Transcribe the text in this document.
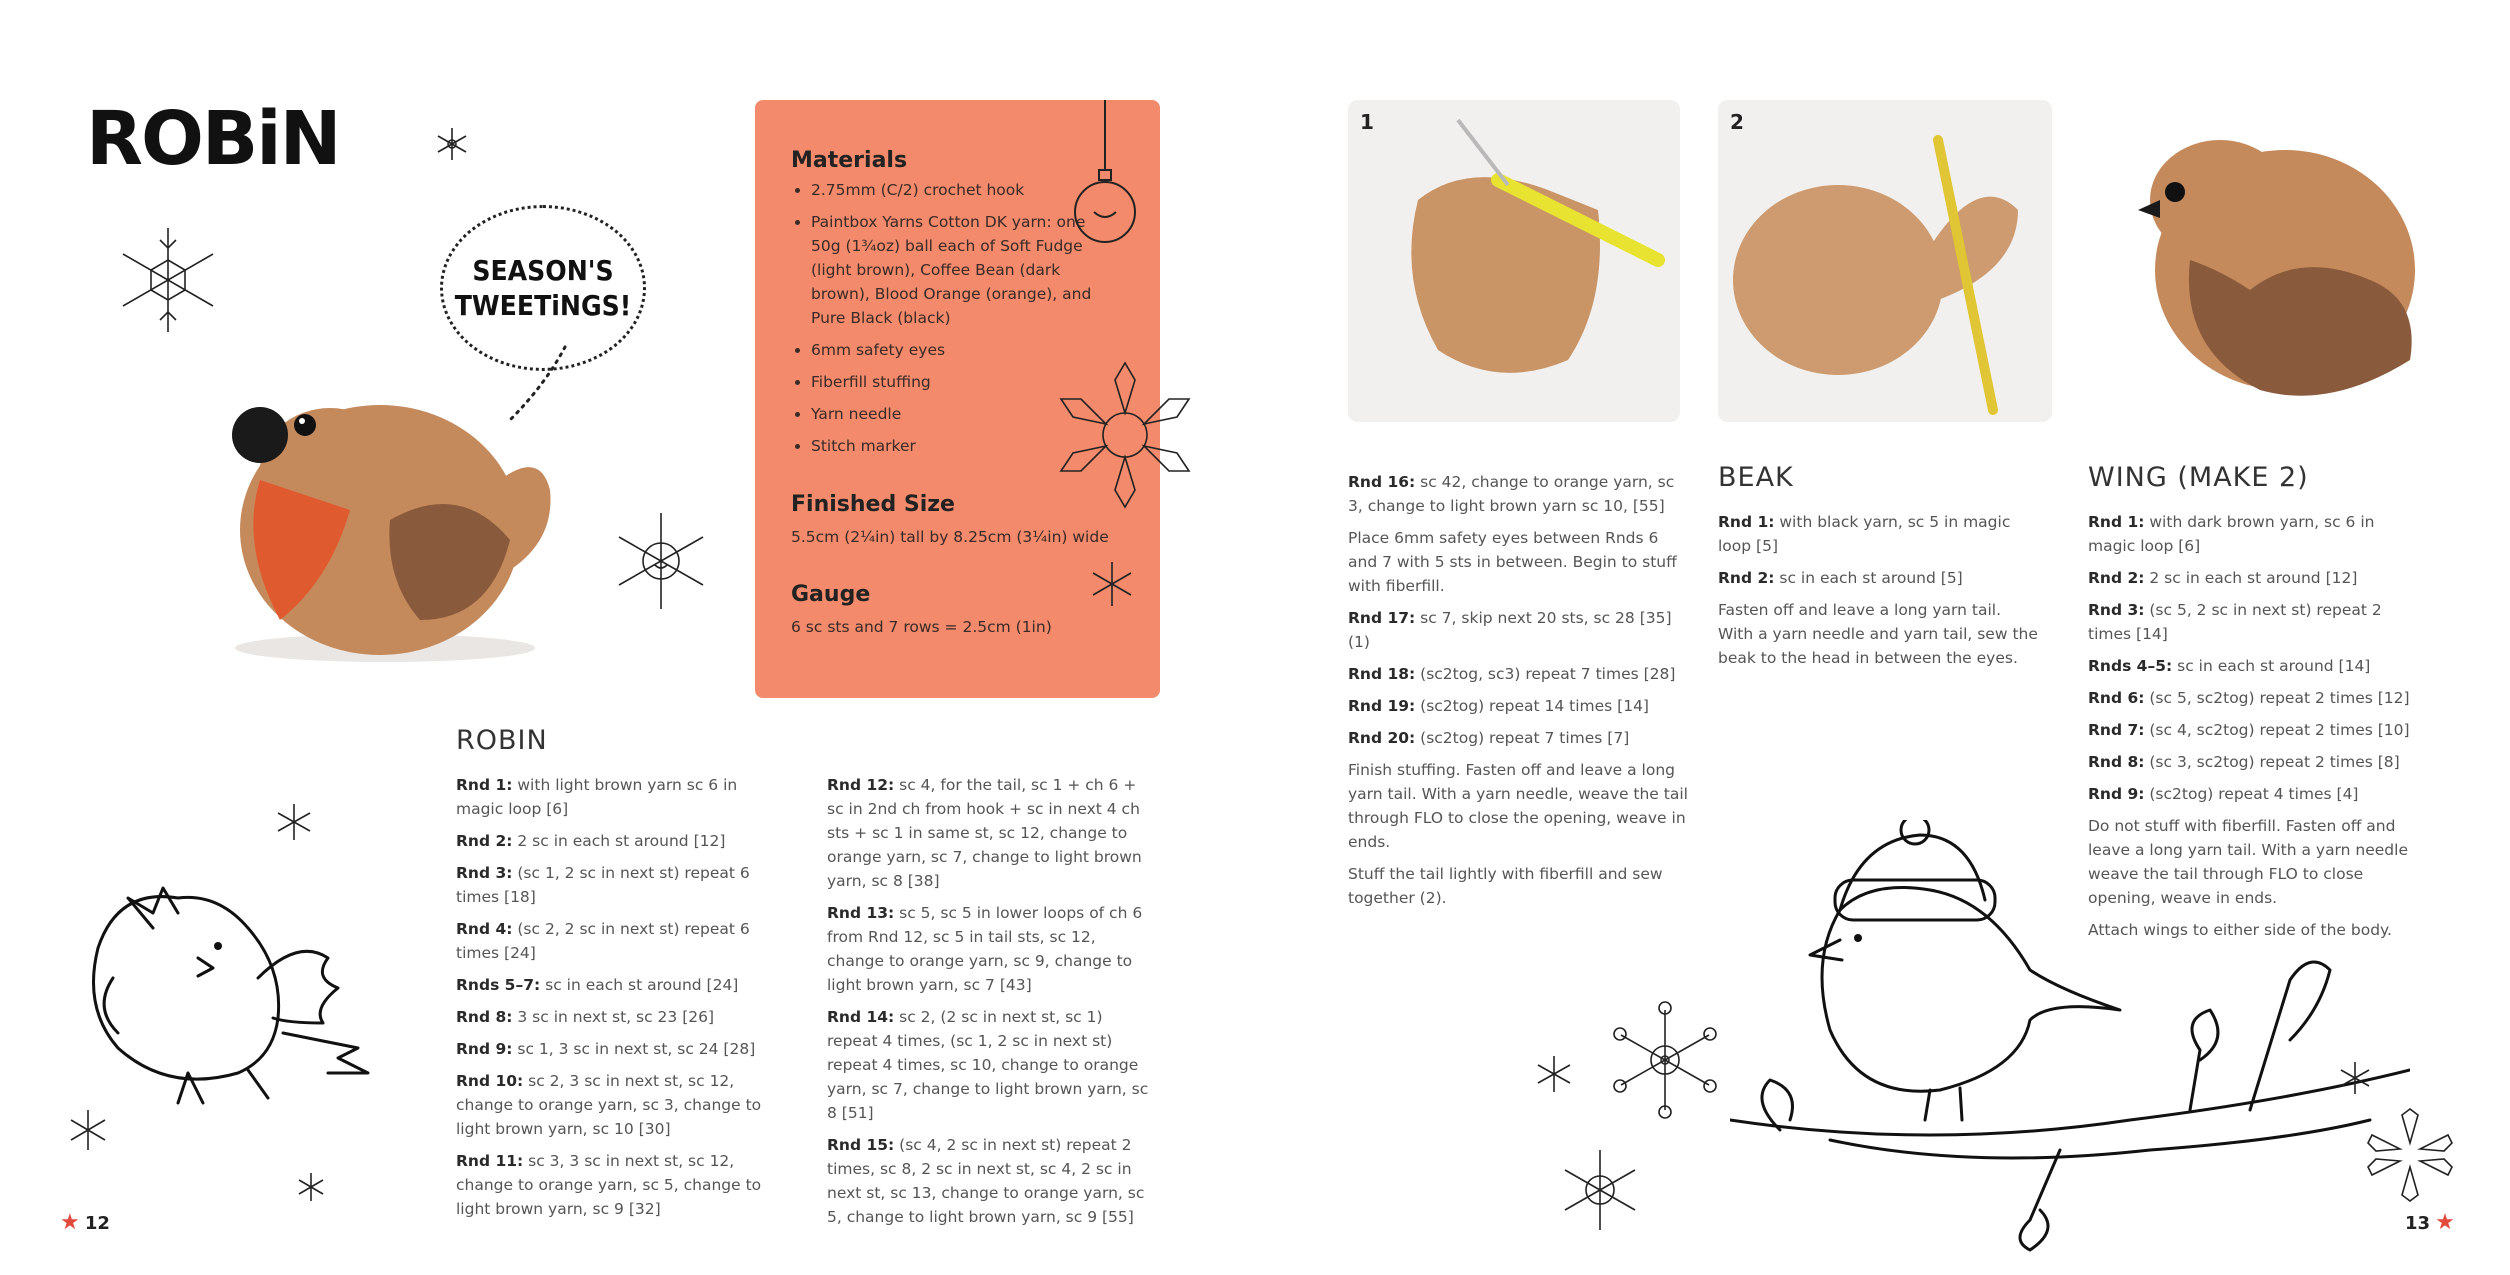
ROBiN
SEASON'S
TWEETiNGS!
Materials
• 2.75mm (C/2) crochet hook
• Paintbox Yarns Cotton DK yarn: one 50g (1¾oz) ball each of Soft Fudge (light brown), Coffee Bean (dark brown), Blood Orange (orange), and Pure Black (black)
• 6mm safety eyes
• Fiberfill stuffing
• Yarn needle
• Stitch marker
Finished Size
5.5cm (2¼in) tall by 8.25cm (3¼in) wide
Gauge
6 sc sts and 7 rows = 2.5cm (1in)
ROBIN

Rnd 1: with light brown yarn sc 6 in magic loop [6]

Rnd 2: 2 sc in each st around [12]

Rnd 3: (sc 1, 2 sc in next st) repeat 6 times [18]

Rnd 4: (sc 2, 2 sc in next st) repeat 6 times [24]

Rnds 5–7: sc in each st around [24]

Rnd 8: 3 sc in next st, sc 23 [26]

Rnd 9: sc 1, 3 sc in next st, sc 24 [28]

Rnd 10: sc 2, 3 sc in next st, sc 12, change to orange yarn, sc 3, change to light brown yarn, sc 10 [30]

Rnd 11: sc 3, 3 sc in next st, sc 12, change to orange yarn, sc 5, change to light brown yarn, sc 9 [32]

Rnd 12: sc 4, for the tail, sc 1 + ch 6 + sc in 2nd ch from hook + sc in next 4 ch sts + sc 1 in same st, sc 12, change to orange yarn, sc 7, change to light brown yarn, sc 8 [38]

Rnd 13: sc 5, sc 5 in lower loops of ch 6 from Rnd 12, sc 5 in tail sts, sc 12, change to orange yarn, sc 9, change to light brown yarn, sc 7 [43]

Rnd 14: sc 2, (2 sc in next st, sc 1) repeat 4 times, (sc 1, 2 sc in next st) repeat 4 times, sc 10, change to orange yarn, sc 7, change to light brown yarn, sc 8 [51]

Rnd 15: (sc 4, 2 sc in next st) repeat 2 times, sc 8, 2 sc in next st, sc 4, 2 sc in next st, sc 13, change to orange yarn, sc 5, change to light brown yarn, sc 9 [55]

★ 12
1	2

Rnd 16: sc 42, change to orange yarn, sc 3, change to light brown yarn sc 10, [55]

Place 6mm safety eyes between Rnds 6 and 7 with 5 sts in between. Begin to stuff with fiberfill.

Rnd 17: sc 7, skip next 20 sts, sc 28 [35] (1)

Rnd 18: (sc2tog, sc3) repeat 7 times [28]

Rnd 19: (sc2tog) repeat 14 times [14]

Rnd 20: (sc2tog) repeat 7 times [7]

Finish stuffing. Fasten off and leave a long yarn tail. With a yarn needle, weave the tail through FLO to close the opening, weave in ends.

Stuff the tail lightly with fiberfill and sew together (2).

BEAK

Rnd 1: with black yarn, sc 5 in magic loop [5]

Rnd 2: sc in each st around [5]

Fasten off and leave a long yarn tail. With a yarn needle and yarn tail, sew the beak to the head in between the eyes.

WING (MAKE 2)

Rnd 1: with dark brown yarn, sc 6 in magic loop [6]

Rnd 2: 2 sc in each st around [12]

Rnd 3: (sc 5, 2 sc in next st) repeat 2 times [14]

Rnds 4–5: sc in each st around [14]

Rnd 6: (sc 5, sc2tog) repeat 2 times [12]

Rnd 7: (sc 4, sc2tog) repeat 2 times [10]

Rnd 8: (sc 3, sc2tog) repeat 2 times [8]

Rnd 9: (sc2tog) repeat 4 times [4]

Do not stuff with fiberfill. Fasten off and leave a long yarn tail. With a yarn needle weave the tail through FLO to close opening, weave in ends.

Attach wings to either side of the body.

13 ★
